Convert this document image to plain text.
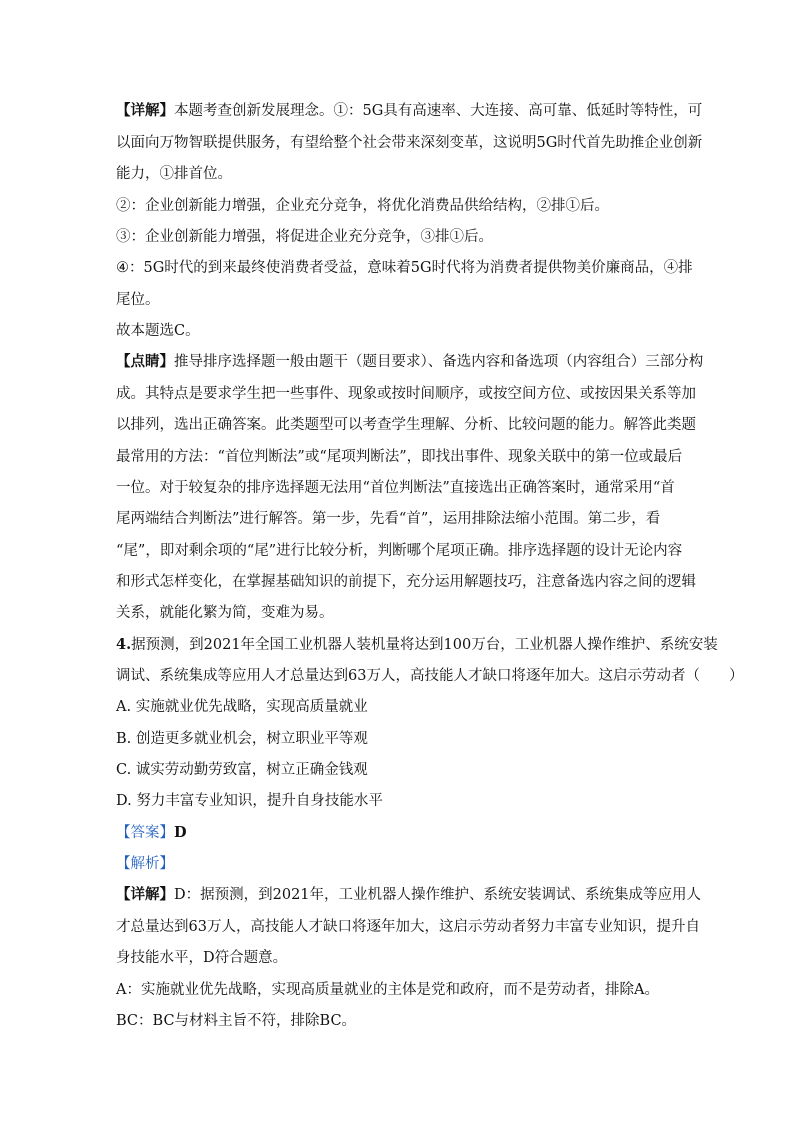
【详解】本题考查创新发展理念。①：5G具有高速率、大连接、高可靠、低延时等特性，可
以面向万物智联提供服务，有望给整个社会带来深刻变革，这说明5G时代首先助推企业创新
能力，①排首位。
②：企业创新能力增强，企业充分竞争，将优化消费品供给结构，②排①后。
③：企业创新能力增强，将促进企业充分竞争，③排①后。
④：5G时代的到来最终使消费者受益，意味着5G时代将为消费者提供物美价廉商品，④排
尾位。
故本题选C。
【点睛】推导排序选择题一般由题干（题目要求）、备选内容和备选项（内容组合）三部分构
成。其特点是要求学生把一些事件、现象或按时间顺序，或按空间方位、或按因果关系等加
以排列，选出正确答案。此类题型可以考查学生理解、分析、比较问题的能力。解答此类题
最常用的方法：“首位判断法”或“尾项判断法”，即找出事件、现象关联中的第一位或最后
一位。对于较复杂的排序选择题无法用“首位判断法”直接选出正确答案时，通常采用“首
尾两端结合判断法”进行解答。第一步，先看“首”，运用排除法缩小范围。第二步，看
“尾”，即对剩余项的“尾”进行比较分析，判断哪个尾项正确。排序选择题的设计无论内容
和形式怎样变化，在掌握基础知识的前提下，充分运用解题技巧，注意备选内容之间的逻辑
关系，就能化繁为简，变难为易。
4.据预测，到2021年全国工业机器人装机量将达到100万台，工业机器人操作维护、系统安装
调试、系统集成等应用人才总量达到63万人，高技能人才缺口将逐年加大。这启示劳动者（　　）
A. 实施就业优先战略，实现高质量就业
B. 创造更多就业机会，树立职业平等观
C. 诚实劳动勤劳致富，树立正确金钱观
D. 努力丰富专业知识，提升自身技能水平
【答案】D
【解析】
【详解】D：据预测，到2021年，工业机器人操作维护、系统安装调试、系统集成等应用人
才总量达到63万人，高技能人才缺口将逐年加大，这启示劳动者努力丰富专业知识，提升自
身技能水平，D符合题意。
A：实施就业优先战略，实现高质量就业的主体是党和政府，而不是劳动者，排除A。
BC：BC与材料主旨不符，排除BC。
